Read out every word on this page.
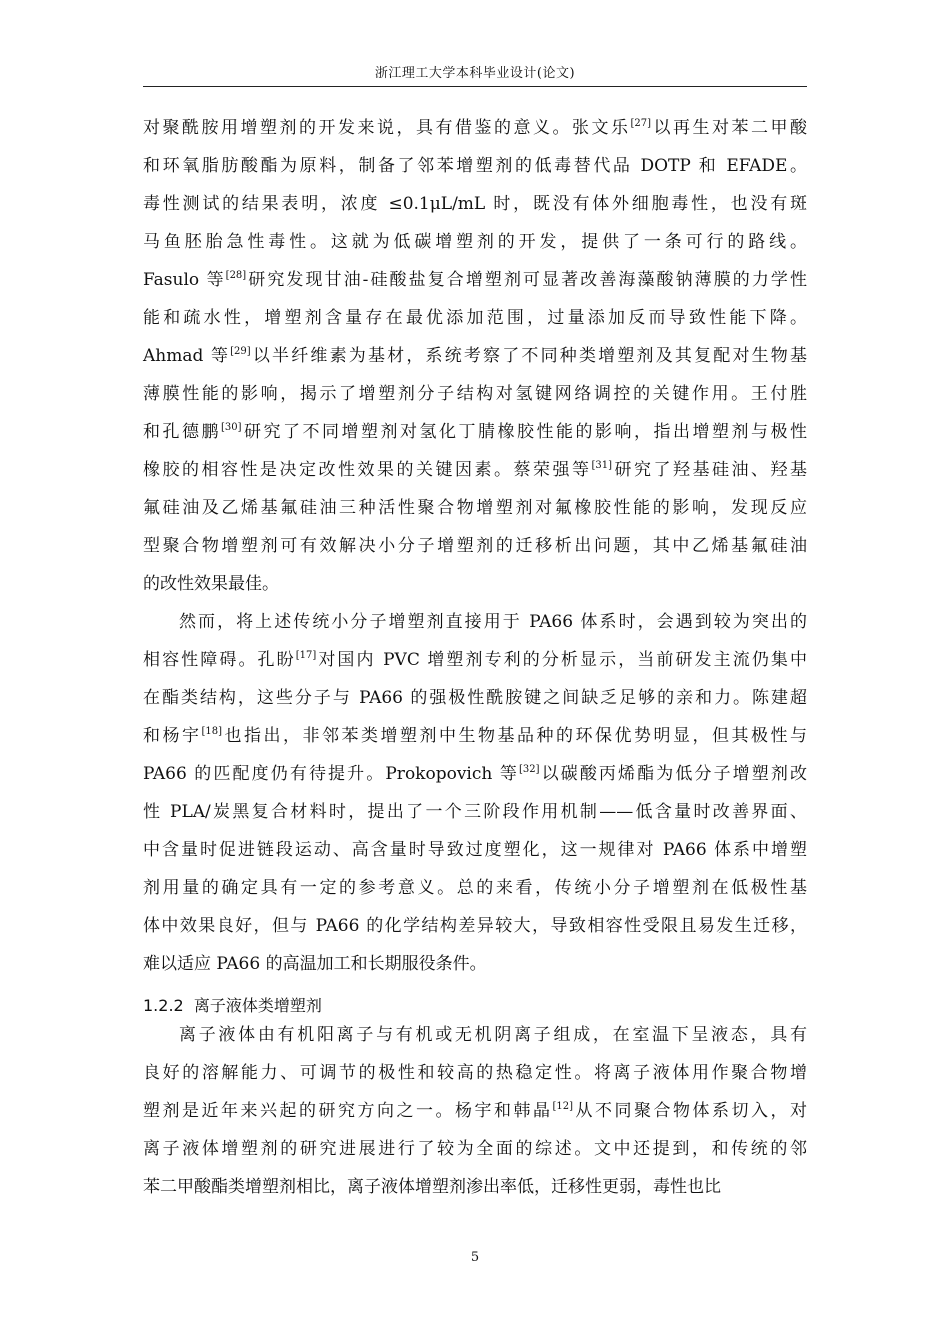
浙江理工大学本科毕业设计(论文)
对聚酰胺用增塑剂的开发来说，具有借鉴的意义。张文乐[27]以再生对苯二甲酸
和环氧脂肪酸酯为原料，制备了邻苯增塑剂的低毒替代品 DOTP 和 EFADE。
毒性测试的结果表明，浓度 ≤0.1μL/mL 时，既没有体外细胞毒性，也没有斑
马鱼胚胎急性毒性。这就为低碳增塑剂的开发，提供了一条可行的路线。
Fasulo 等[28]研究发现甘油-硅酸盐复合增塑剂可显著改善海藻酸钠薄膜的力学性
能和疏水性，增塑剂含量存在最优添加范围，过量添加反而导致性能下降。
Ahmad 等[29]以半纤维素为基材，系统考察了不同种类增塑剂及其复配对生物基
薄膜性能的影响，揭示了增塑剂分子结构对氢键网络调控的关键作用。王付胜
和孔德鹏[30]研究了不同增塑剂对氢化丁腈橡胶性能的影响，指出增塑剂与极性
橡胶的相容性是决定改性效果的关键因素。蔡荣强等[31]研究了羟基硅油、羟基
氟硅油及乙烯基氟硅油三种活性聚合物增塑剂对氟橡胶性能的影响，发现反应
型聚合物增塑剂可有效解决小分子增塑剂的迁移析出问题，其中乙烯基氟硅油
的改性效果最佳。
然而，将上述传统小分子增塑剂直接用于 PA66 体系时，会遇到较为突出的
相容性障碍。孔盼[17]对国内 PVC 增塑剂专利的分析显示，当前研发主流仍集中
在酯类结构，这些分子与 PA66 的强极性酰胺键之间缺乏足够的亲和力。陈建超
和杨宇[18]也指出，非邻苯类增塑剂中生物基品种的环保优势明显，但其极性与
PA66 的匹配度仍有待提升。Prokopovich 等[32]以碳酸丙烯酯为低分子增塑剂改
性 PLA/炭黑复合材料时，提出了一个三阶段作用机制——低含量时改善界面、
中含量时促进链段运动、高含量时导致过度塑化，这一规律对 PA66 体系中增塑
剂用量的确定具有一定的参考意义。总的来看，传统小分子增塑剂在低极性基
体中效果良好，但与 PA66 的化学结构差异较大，导致相容性受限且易发生迁移，
难以适应 PA66 的高温加工和长期服役条件。
1.2.2 离子液体类增塑剂
离子液体由有机阳离子与有机或无机阴离子组成，在室温下呈液态，具有
良好的溶解能力、可调节的极性和较高的热稳定性。将离子液体用作聚合物增
塑剂是近年来兴起的研究方向之一。杨宇和韩晶[12]从不同聚合物体系切入，对
离子液体增塑剂的研究进展进行了较为全面的综述。文中还提到，和传统的邻
苯二甲酸酯类增塑剂相比，离子液体增塑剂渗出率低，迁移性更弱，毒性也比
5
